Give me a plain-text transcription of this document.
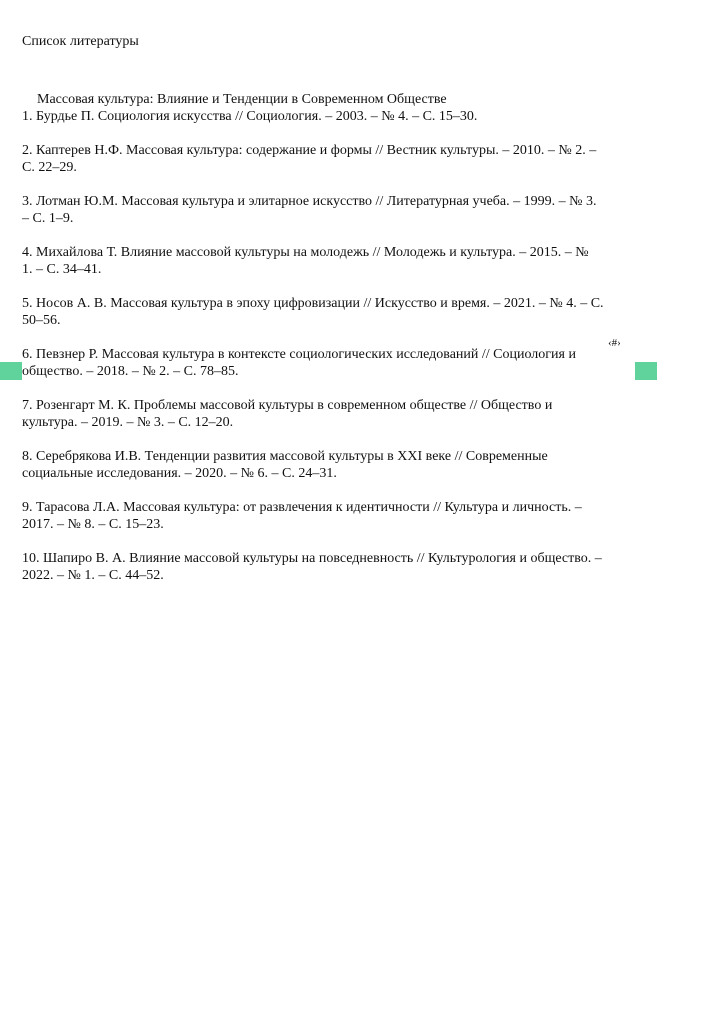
Список литературы
Массовая культура: Влияние и Тенденции в Современном Обществе
1. Бурдье П. Социология искусства // Социология. – 2003. – № 4. – С. 15–30.
2. Каптерев Н.Ф. Массовая культура: содержание и формы // Вестник культуры. – 2010. – № 2. –
С. 22–29.
3. Лотман Ю.М. Массовая культура и элитарное искусство // Литературная учеба. – 1999. – № 3.
– С. 1–9.
4. Михайлова Т. Влияние массовой культуры на молодежь // Молодежь и культура. – 2015. – №
1. – С. 34–41.
5. Носов А. В. Массовая культура в эпоху цифровизации // Искусство и время. – 2021. – № 4. – С.
50–56.
6. Певзнер Р. Массовая культура в контексте социологических исследований // Социология и
общество. – 2018. – № 2. – С. 78–85.
7. Розенгарт М. К. Проблемы массовой культуры в современном обществе // Общество и
культура. – 2019. – № 3. – С. 12–20.
8. Серебрякова И.В. Тенденции развития массовой культуры в XXI веке // Современные
социальные исследования. – 2020. – № 6. – С. 24–31.
9. Тарасова Л.А. Массовая культура: от развлечения к идентичности // Культура и личность. –
2017. – № 8. – С. 15–23.
10. Шапиро В. А. Влияние массовой культуры на повседневность // Культурология и общество. –
2022. – № 1. – С. 44–52.
‹#›
